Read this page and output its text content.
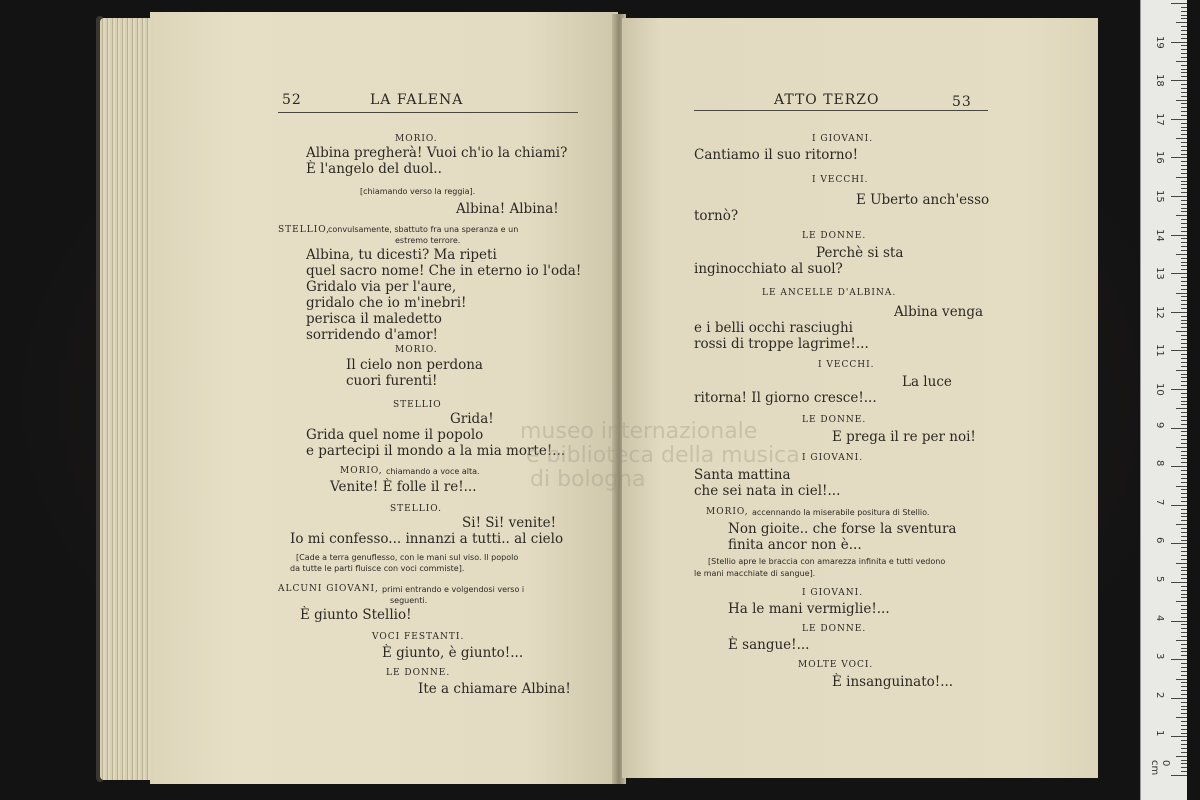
52	LA FALENA
MORIO.
Albina pregherà! Vuoi ch'io la chiami?
È l'angelo del duol..
[chiamando verso la reggia].
Albina! Albina!
STELLIO,
convulsamente, sbattuto fra una speranza e un
estremo terrore.
Albina, tu dicesti? Ma ripeti
quel sacro nome! Che in eterno io l'oda!
Gridalo via per l'aure,
gridalo che io m'inebri!
perisca il maledetto
sorridendo d'amor!
MORIO.
Il cielo non perdona
cuori furenti!
STELLIO
Grida!
Grida quel nome il popolo
e partecipi il mondo a la mia morte!...
MORIO, chiamando a voce alta.
Venite! È folle il re!...
STELLIO.
Si! Si! venite!
Io mi confesso... innanzi a tutti.. al cielo
[Cade a terra genuflesso, con le mani sul viso. Il popolo
da tutte le parti fluisce con voci commiste].
ALCUNI GIOVANI, primi entrando e volgendosi verso i
seguenti.
È giunto Stellio!
VOCI FESTANTI.
È giunto, è giunto!...
LE DONNE.
Ite a chiamare Albina!
ATTO TERZO	53
I GIOVANI.
Cantiamo il suo ritorno!
I VECCHI.
E Uberto anch'esso
tornò?
LE DONNE.
Perchè si sta
inginocchiato al suol?
LE ANCELLE D'ALBINA.
Albina venga
e i belli occhi rasciughi
rossi di troppe lagrime!...
I VECCHI.
La luce
ritorna! Il giorno cresce!...
LE DONNE.
E prega il re per noi!
I GIOVANI.
Santa mattina
che sei nata in ciel!...
MORIO, accennando la miserabile positura di Stellio.
Non gioite.. che forse la sventura
finita ancor non è...
[Stellio apre le braccia con amarezza infinita e tutti vedono
le mani macchiate di sangue].
I GIOVANI.
Ha le mani vermiglie!...
LE DONNE.
È sangue!...
MOLTE VOCI.
È insanguinato!...
museo internazionale
e biblioteca della musica
di bologna
0 cm
1
2
3
4
5
6
7
8
9
10
11
12
13
14
15
16
17
18
19
